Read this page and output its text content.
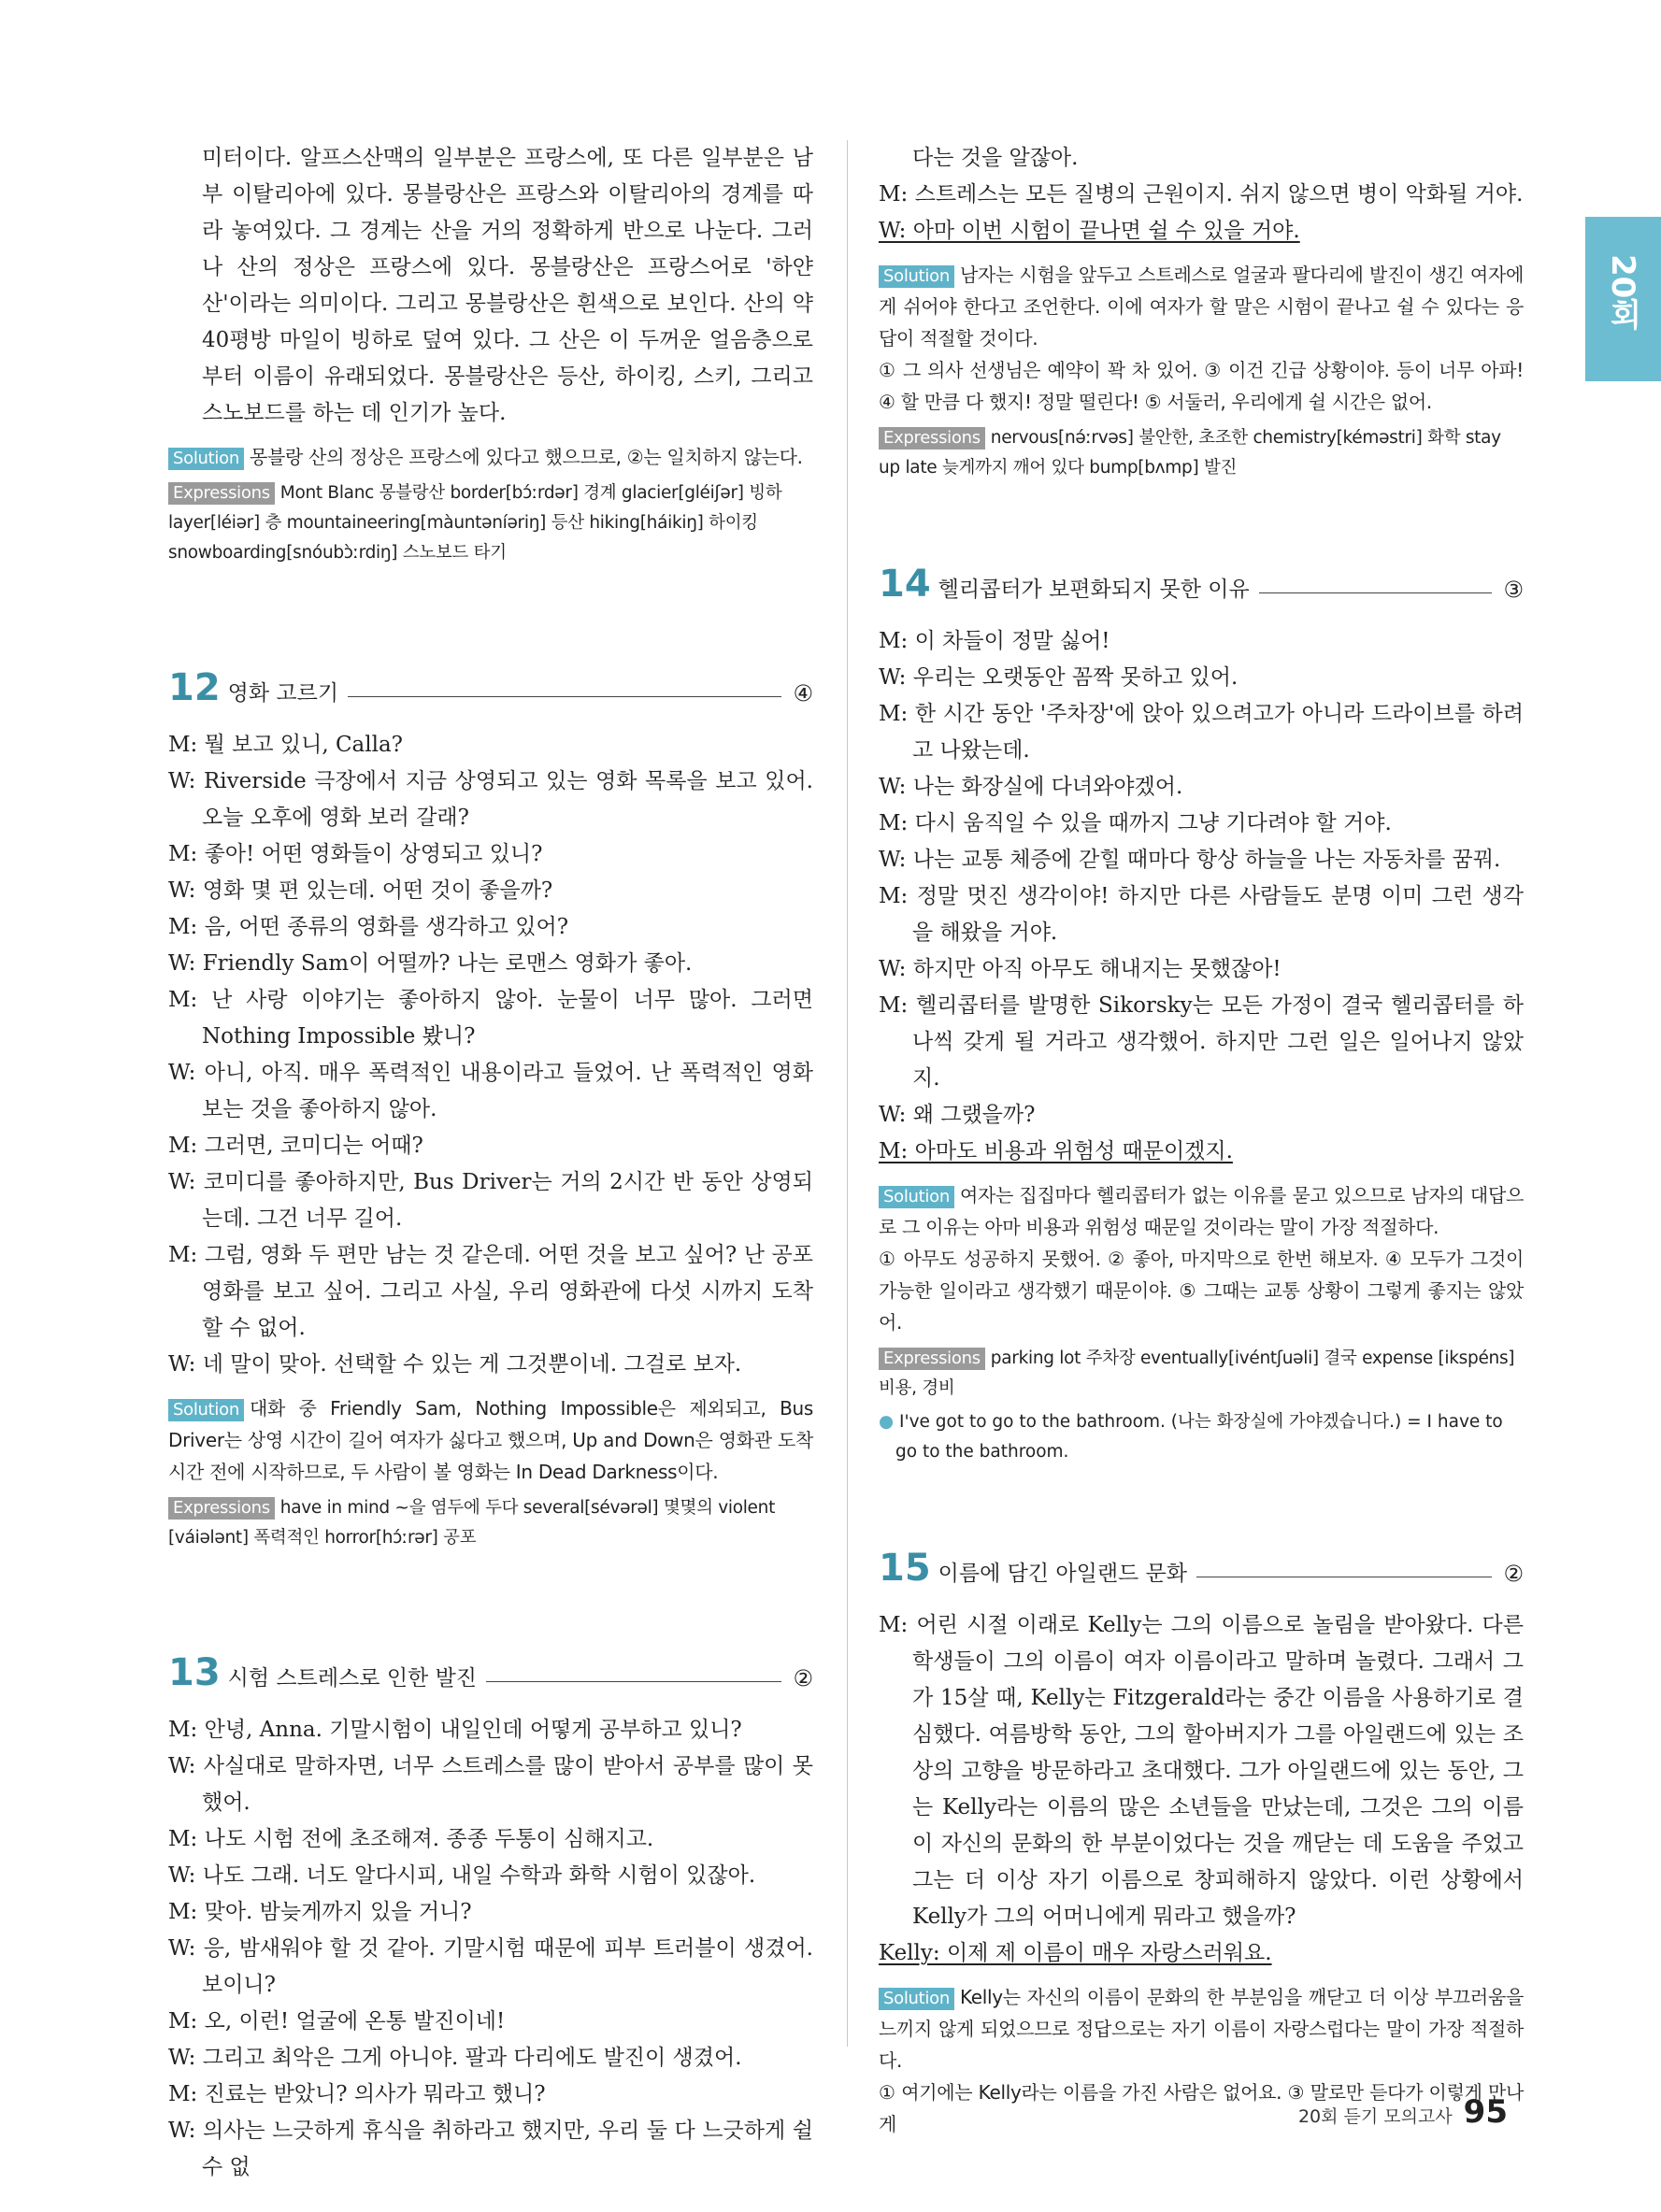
20회

미터이다. 알프스산맥의 일부분은 프랑스에, 또 다른 일부분은 남부 이탈리아에 있다. 몽블랑산은 프랑스와 이탈리아의 경계를 따라 놓여있다. 그 경계는 산을 거의 정확하게 반으로 나눈다. 그러나 산의 정상은 프랑스에 있다. 몽블랑산은 프랑스어로 '하얀 산'이라는 의미이다. 그리고 몽블랑산은 흰색으로 보인다. 산의 약 40평방 마일이 빙하로 덮여 있다. 그 산은 이 두꺼운 얼음층으로부터 이름이 유래되었다. 몽블랑산은 등산, 하이킹, 스키, 그리고 스노보드를 하는 데 인기가 높다.

Solution 몽블랑 산의 정상은 프랑스에 있다고 했으므로, ②는 일치하지 않는다.

Expressions Mont Blanc 몽블랑산 border[bɔ́ːrdər] 경계 glacier[gléiʃər] 빙하 layer[léiər] 층 mountaineering[màuntəníəriŋ] 등산 hiking[háikiŋ] 하이킹 snowboarding[snóubɔ̀ːrdiŋ] 스노보드 타기

12 영화 고르기	④

M: 뭘 보고 있니, Calla?

W: Riverside 극장에서 지금 상영되고 있는 영화 목록을 보고 있어. 오늘 오후에 영화 보러 갈래?

M: 좋아! 어떤 영화들이 상영되고 있니?

W: 영화 몇 편 있는데. 어떤 것이 좋을까?

M: 음, 어떤 종류의 영화를 생각하고 있어?

W: Friendly Sam이 어떨까? 나는 로맨스 영화가 좋아.

M: 난 사랑 이야기는 좋아하지 않아. 눈물이 너무 많아. 그러면 Nothing Impossible 봤니?

W: 아니, 아직. 매우 폭력적인 내용이라고 들었어. 난 폭력적인 영화 보는 것을 좋아하지 않아.

M: 그러면, 코미디는 어때?

W: 코미디를 좋아하지만, Bus Driver는 거의 2시간 반 동안 상영되는데. 그건 너무 길어.

M: 그럼, 영화 두 편만 남는 것 같은데. 어떤 것을 보고 싶어? 난 공포 영화를 보고 싶어. 그리고 사실, 우리 영화관에 다섯 시까지 도착할 수 없어.

W: 네 말이 맞아. 선택할 수 있는 게 그것뿐이네. 그걸로 보자.

Solution 대화 중 Friendly Sam, Nothing Impossible은 제외되고, Bus Driver는 상영 시간이 길어 여자가 싫다고 했으며, Up and Down은 영화관 도착 시간 전에 시작하므로, 두 사람이 볼 영화는 In Dead Darkness이다.

Expressions have in mind ~을 염두에 두다 several[sévərəl] 몇몇의 violent [váiələnt] 폭력적인 horror[hɔ́ːrər] 공포

13 시험 스트레스로 인한 발진	②

M: 안녕, Anna. 기말시험이 내일인데 어떻게 공부하고 있니?

W: 사실대로 말하자면, 너무 스트레스를 많이 받아서 공부를 많이 못 했어.

M: 나도 시험 전에 초조해져. 종종 두통이 심해지고.

W: 나도 그래. 너도 알다시피, 내일 수학과 화학 시험이 있잖아.

M: 맞아. 밤늦게까지 있을 거니?

W: 응, 밤새워야 할 것 같아. 기말시험 때문에 피부 트러블이 생겼어. 보이니?

M: 오, 이런! 얼굴에 온통 발진이네!

W: 그리고 최악은 그게 아니야. 팔과 다리에도 발진이 생겼어.

M: 진료는 받았니? 의사가 뭐라고 했니?

W: 의사는 느긋하게 휴식을 취하라고 했지만, 우리 둘 다 느긋하게 쉴 수 없

다는 것을 알잖아.

M: 스트레스는 모든 질병의 근원이지. 쉬지 않으면 병이 악화될 거야.

W: 아마 이번 시험이 끝나면 쉴 수 있을 거야.

Solution 남자는 시험을 앞두고 스트레스로 얼굴과 팔다리에 발진이 생긴 여자에게 쉬어야 한다고 조언한다. 이에 여자가 할 말은 시험이 끝나고 쉴 수 있다는 응답이 적절할 것이다.

① 그 의사 선생님은 예약이 꽉 차 있어. ③ 이건 긴급 상황이야. 등이 너무 아파! ④ 할 만큼 다 했지! 정말 떨린다! ⑤ 서둘러, 우리에게 쉴 시간은 없어.

Expressions nervous[nə́ːrvəs] 불안한, 초조한 chemistry[kéməstri] 화학 stay up late 늦게까지 깨어 있다 bump[bʌmp] 발진

14 헬리콥터가 보편화되지 못한 이유	③

M: 이 차들이 정말 싫어!

W: 우리는 오랫동안 꼼짝 못하고 있어.

M: 한 시간 동안 '주차장'에 앉아 있으려고가 아니라 드라이브를 하려고 나왔는데.

W: 나는 화장실에 다녀와야겠어.

M: 다시 움직일 수 있을 때까지 그냥 기다려야 할 거야.

W: 나는 교통 체증에 갇힐 때마다 항상 하늘을 나는 자동차를 꿈꿔.

M: 정말 멋진 생각이야! 하지만 다른 사람들도 분명 이미 그런 생각을 해왔을 거야.

W: 하지만 아직 아무도 해내지는 못했잖아!

M: 헬리콥터를 발명한 Sikorsky는 모든 가정이 결국 헬리콥터를 하나씩 갖게 될 거라고 생각했어. 하지만 그런 일은 일어나지 않았지.

W: 왜 그랬을까?

M: 아마도 비용과 위험성 때문이겠지.

Solution 여자는 집집마다 헬리콥터가 없는 이유를 묻고 있으므로 남자의 대답으로 그 이유는 아마 비용과 위험성 때문일 것이라는 말이 가장 적절하다.

① 아무도 성공하지 못했어. ② 좋아, 마지막으로 한번 해보자. ④ 모두가 그것이 가능한 일이라고 생각했기 때문이야. ⑤ 그때는 교통 상황이 그렇게 좋지는 않았어.

Expressions parking lot 주차장 eventually[ivéntʃuəli] 결국 expense [ikspéns] 비용, 경비

● I've got to go to the bathroom. (나는 화장실에 가야겠습니다.) = I have to go to the bathroom.

15 이름에 담긴 아일랜드 문화	②

M: 어린 시절 이래로 Kelly는 그의 이름으로 놀림을 받아왔다. 다른 학생들이 그의 이름이 여자 이름이라고 말하며 놀렸다. 그래서 그가 15살 때, Kelly는 Fitzgerald라는 중간 이름을 사용하기로 결심했다. 여름방학 동안, 그의 할아버지가 그를 아일랜드에 있는 조상의 고향을 방문하라고 초대했다. 그가 아일랜드에 있는 동안, 그는 Kelly라는 이름의 많은 소년들을 만났는데, 그것은 그의 이름이 자신의 문화의 한 부분이었다는 것을 깨닫는 데 도움을 주었고 그는 더 이상 자기 이름으로 창피해하지 않았다. 이런 상황에서 Kelly가 그의 어머니에게 뭐라고 했을까?

Kelly: 이제 제 이름이 매우 자랑스러워요.

Solution Kelly는 자신의 이름이 문화의 한 부분임을 깨닫고 더 이상 부끄러움을 느끼지 않게 되었으므로 정답으로는 자기 이름이 자랑스럽다는 말이 가장 적절하다.

① 여기에는 Kelly라는 이름을 가진 사람은 없어요. ③ 말로만 듣다가 이렇게 만나게	20회 듣기 모의고사 95
